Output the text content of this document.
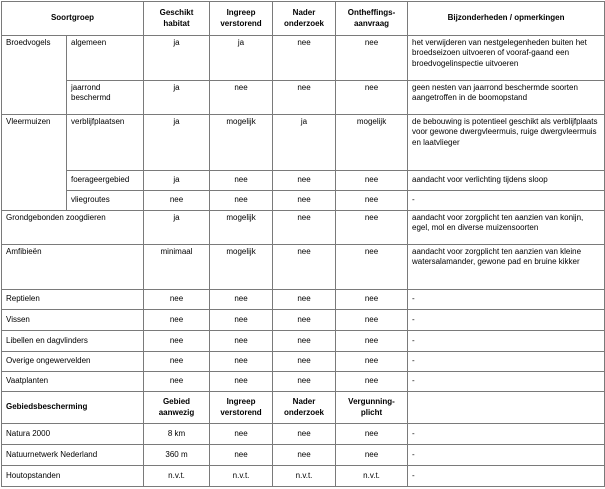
Soortgroep		Geschikt habitat	Ingreep verstorend	Nader onderzoek	Ontheffings-aanvraag	Bijzonderheden / opmerkingen
Broedvogels	algemeen	ja	ja	nee	nee	het verwijderen van nestgelegenheden buiten het broedseizoen uitvoeren of vooraf-gaand een broedvogelinspectie uitvoeren
	jaarrond beschermd	ja	nee	nee	nee	geen nesten van jaarrond beschermde soorten aangetroffen in de boomopstand
Vleermuizen	verblijfplaatsen	ja	mogelijk	ja	mogelijk	de bebouwing is potentieel geschikt als verblijfplaats voor gewone dwergvleermuis, ruige dwergvleermuis en laatvlieger
	foerageergebied	ja	nee	nee	nee	aandacht voor verlichting tijdens sloop
	vliegroutes	nee	nee	nee	nee	-
Grondgebonden zoogdieren		ja	mogelijk	nee	nee	aandacht voor zorgplicht ten aanzien van konijn, egel, mol en diverse muizensoorten
Amfibieën		minimaal	mogelijk	nee	nee	aandacht voor zorgplicht ten aanzien van kleine watersalamander, gewone pad en bruine kikker
Reptielen		nee	nee	nee	nee	-
Vissen		nee	nee	nee	nee	-
Libellen en dagvlinders		nee	nee	nee	nee	-
Overige ongewervelden		nee	nee	nee	nee	-
Vaatplanten		nee	nee	nee	nee	-
Gebiedsbescherming		Gebied aanwezig	Ingreep verstorend	Nader onderzoek	Vergunning-plicht	
Natura 2000		8 km	nee	nee	nee	-
Natuurnetwerk Nederland		360 m	nee	nee	nee	-
Houtopstanden		n.v.t.	n.v.t.	n.v.t.	n.v.t.	-
